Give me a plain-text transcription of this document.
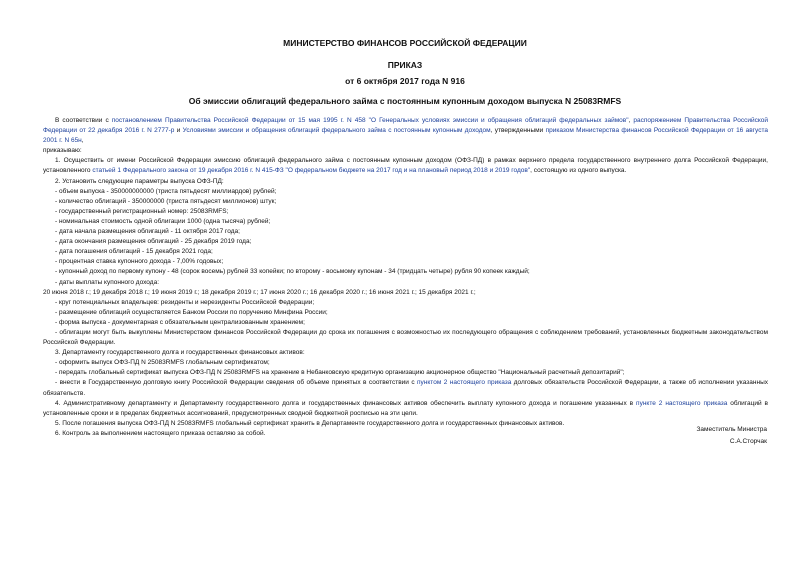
МИНИСТЕРСТВО ФИНАНСОВ РОССИЙСКОЙ ФЕДЕРАЦИИ
ПРИКАЗ
от 6 октября 2017 года N 916
Об эмиссии облигаций федерального займа с постоянным купонным доходом выпуска N 25083RMFS

В соответствии с постановлением Правительства Российской Федерации от 15 мая 1995 г. N 458 "О Генеральных условиях эмиссии и обращения облигаций федеральных займов", распоряжением Правительства Российской Федерации от 22 декабря 2016 г. N 2777-р и Условиями эмиссии и обращения облигаций федерального займа с постоянным купонным доходом, утвержденными приказом Министерства финансов Российской Федерации от 16 августа 2001 г. N 65н,

приказываю:

1. Осуществить от имени Российской Федерации эмиссию облигаций федерального займа с постоянным купонным доходом (ОФЗ-ПД) в рамках верхнего предела государственного внутреннего долга Российской Федерации, установленного статьей 1 Федерального закона от 19 декабря 2016 г. N 415-ФЗ "О федеральном бюджете на 2017 год и на плановый период 2018 и 2019 годов", состоящую из одного выпуска.

2. Установить следующие параметры выпуска ОФЗ-ПД:

- объем выпуска - 350000000000 (триста пятьдесят миллиардов) рублей;

- количество облигаций - 350000000 (триста пятьдесят миллионов) штук;

- государственный регистрационный номер: 25083RMFS;

- номинальная стоимость одной облигации 1000 (одна тысяча) рублей;

- дата начала размещения облигаций - 11 октября 2017 года;

- дата окончания размещения облигаций - 25 декабря 2019 года;

- дата погашения облигаций - 15 декабря 2021 года;

- процентная ставка купонного дохода - 7,00% годовых;

- купонный доход по первому купону - 48 (сорок восемь) рублей 33 копейки; по второму - восьмому купонам - 34 (тридцать четыре) рубля 90 копеек каждый;

- даты выплаты купонного дохода:

20 июня 2018 г.; 19 декабря 2018 г.; 19 июня 2019 г.; 18 декабря 2019 г.; 17 июня 2020 г.; 16 декабря 2020 г.; 16 июня 2021 г.; 15 декабря 2021 г.;

- круг потенциальных владельцев: резиденты и нерезиденты Российской Федерации;

- размещение облигаций осуществляется Банком России по поручению Минфина России;

- форма выпуска - документарная с обязательным централизованным хранением;

- облигации могут быть выкуплены Министерством финансов Российской Федерации до срока их погашения с возможностью их последующего обращения с соблюдением требований, установленных бюджетным законодательством Российской Федерации.

3. Департаменту государственного долга и государственных финансовых активов:

- оформить выпуск ОФЗ-ПД N 25083RMFS глобальным сертификатом;

- передать глобальный сертификат выпуска ОФЗ-ПД N 25083RMFS на хранение в Небанковскую кредитную организацию акционерное общество "Национальный расчетный депозитарий";

- внести в Государственную долговую книгу Российской Федерации сведения об объеме принятых в соответствии с пунктом 2 настоящего приказа долговых обязательств Российской Федерации, а также об исполнении указанных обязательств.

4. Административному департаменту и Департаменту государственного долга и государственных финансовых активов обеспечить выплату купонного дохода и погашение указанных в пункте 2 настоящего приказа облигаций в установленные сроки и в пределах бюджетных ассигнований, предусмотренных сводной бюджетной росписью на эти цели.

5. После погашения выпуска ОФЗ-ПД N 25083RMFS глобальный сертификат хранить в Департаменте государственного долга и государственных финансовых активов.

6. Контроль за выполнением настоящего приказа оставляю за собой.

Заместитель Министра
С.А.Сторчак
